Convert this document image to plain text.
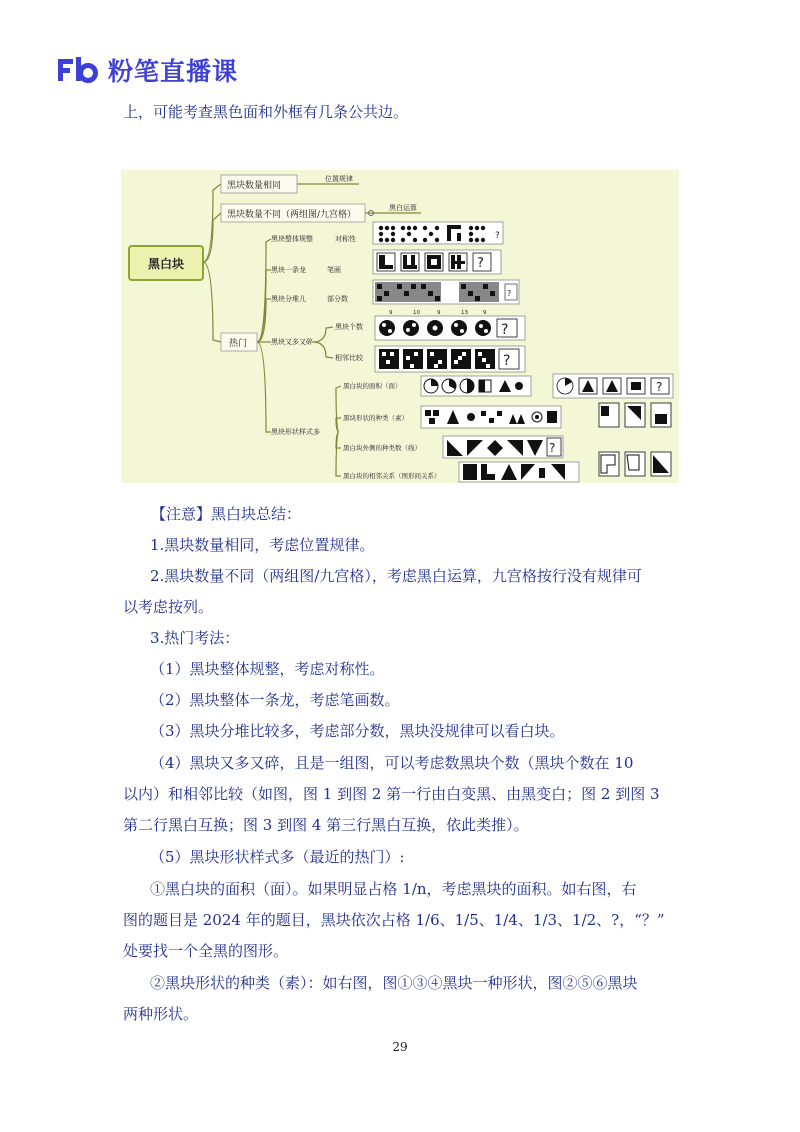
粉笔直播课
上，可能考查黑色面和外框有几条公共边。
黑白块
黑块数量相同
位置规律
黑块数量不同（两组图/九宫格）
黑白运算
热门
黑块整体规整	对称性
黑块一条龙	笔画
黑块分堆儿	部分数
黑块又多又碎
黑块形状样式多
黑块个数
相邻比较
黑白块的面积（面）
黑块形状的种类（素）
黑白块外侧的种类数（线）
黑白块的相邻关系（图形间关系）
?
?
?
9	10	9	13	9
?
?
?
?
【注意】黑白块总结：
1.黑块数量相同，考虑位置规律。
2.黑块数量不同（两组图/九宫格），考虑黑白运算，九宫格按行没有规律可
以考虑按列。
3.热门考法：
（1）黑块整体规整，考虑对称性。
（2）黑块整体一条龙，考虑笔画数。
（3）黑块分堆比较多，考虑部分数，黑块没规律可以看白块。
（4）黑块又多又碎，且是一组图，可以考虑数黑块个数（黑块个数在 10
以内）和相邻比较（如图，图 1 到图 2 第一行由白变黑、由黑变白；图 2 到图 3
第二行黑白互换；图 3 到图 4 第三行黑白互换，依此类推）。
（5）黑块形状样式多（最近的热门）:
①黑白块的面积（面）。如果明显占格 1/n，考虑黑块的面积。如右图，右
图的题目是 2024 年的题目，黑块依次占格 1/6、1/5、1/4、1/3、1/2、?，“？”
处要找一个全黑的图形。
②黑块形状的种类（素）：如右图，图①③④黑块一种形状，图②⑤⑥黑块
两种形状。
29
